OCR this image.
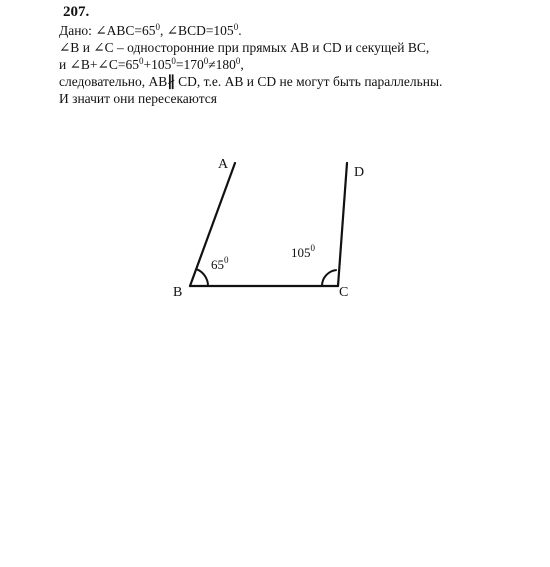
207.
Дано: $\angle ABC=65^0$, $\angle BCD=105^0$.
∠B и ∠C – односторонние при прямых AB и CD и секущей BC,
и $\angle B+\angle C=65^0+105^0=170^0\ne 180^0$,
следовательно, AB∦ CD, т.е. AB и CD не могут быть параллельны.
И значит они пересекаются
A
B	C
D
$65^0$	$105^0$
